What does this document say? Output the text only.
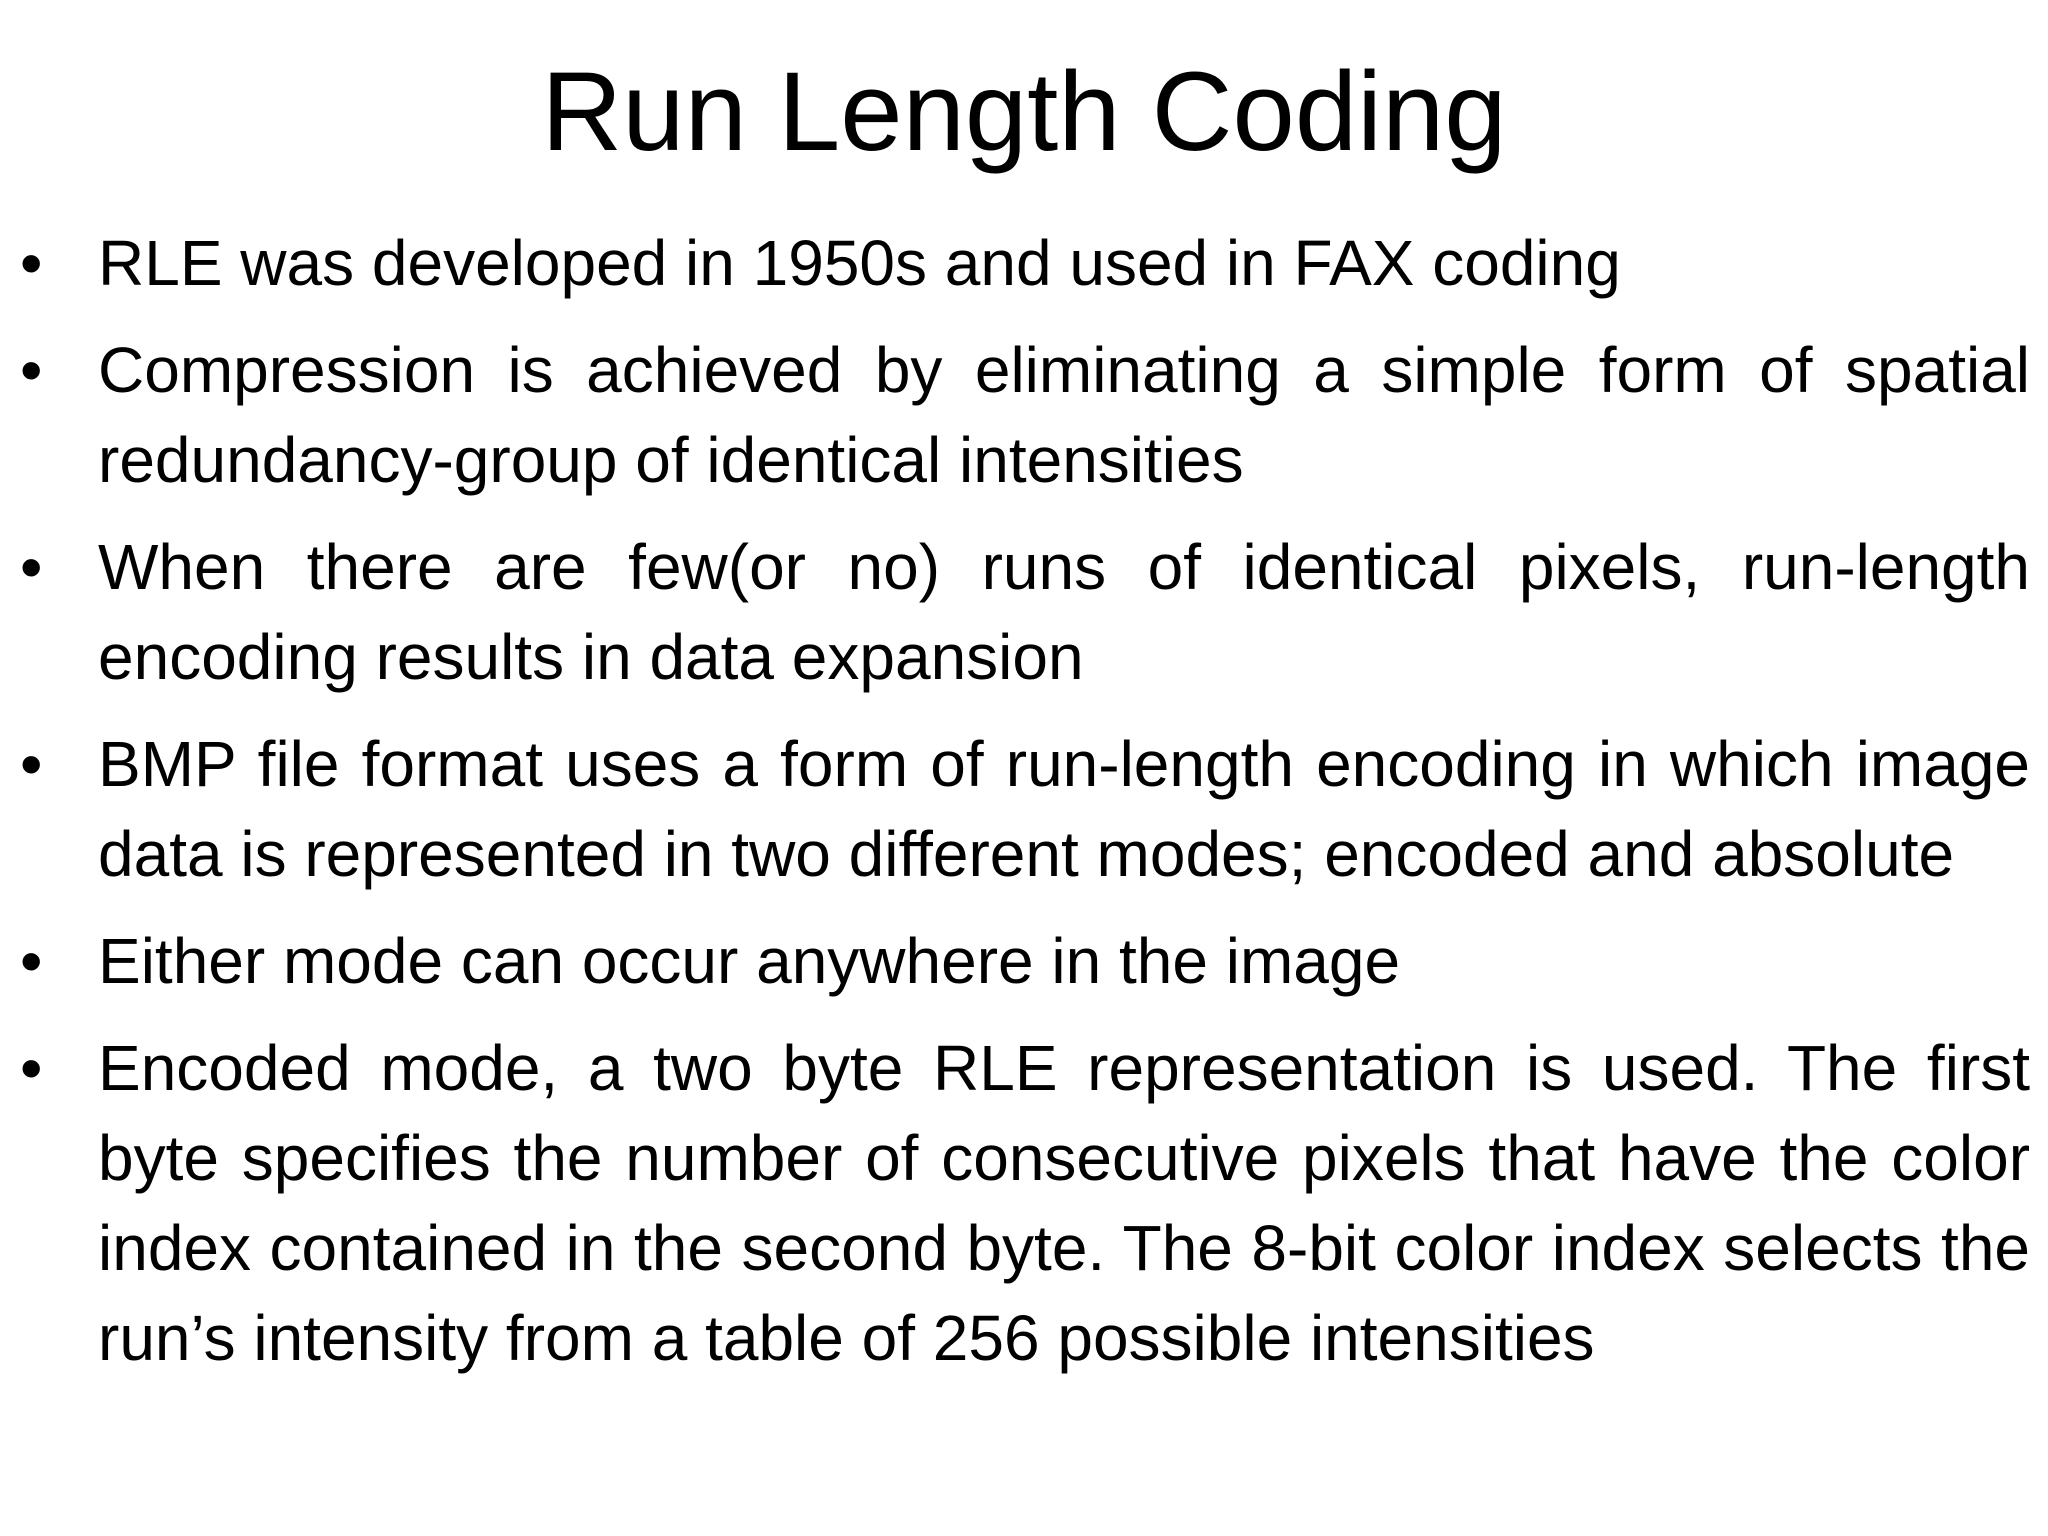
Run Length Coding
• RLE was developed in 1950s and used in FAX coding
• Compression is achieved by eliminating a simple form of spatial redundancy-group of identical intensities
• When there are few(or no) runs of identical pixels, run-length encoding results in data expansion
• BMP file format uses a form of run-length encoding in which image data is represented in two different modes; encoded and absolute
• Either mode can occur anywhere in the image
• Encoded mode, a two byte RLE representation is used. The first byte specifies the number of consecutive pixels that have the color index contained in the second byte. The 8-bit color index selects the run’s intensity from a table of 256 possible intensities
